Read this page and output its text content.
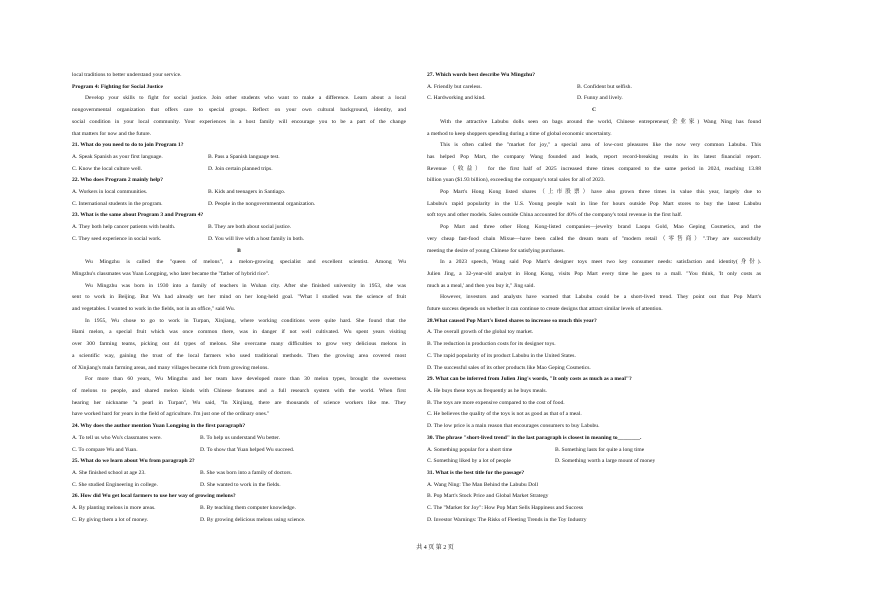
local traditions to better understand your service.
Program 4: Fighting for Social Justice
Develop your skills to fight for social justice. Join other students who want to make a difference. Learn about a local
nongovernmental organization that offers care to special groups. Reflect on your own cultural background, identity, and
social condition in your local community. Your experiences in a host family will encourage you to be a part of the change
that matters for now and the future.
21. What do you need to do to join Program 1?
A. Speak Spanish as your first language.	B. Pass a Spanish language test.
C. Know the local culture well.	D. Join certain planned trips.
22. Who does Program 2 mainly help?
A. Workers in local communities.	B. Kids and teenagers in Santiago.
C. International students in the program.	D. People in the nongovernmental organization.
23. What is the same about Program 3 and Program 4?
A. They both help cancer patients with health.	B. They are both about social justice.
C. They seed experience in social work.	D. You will live with a host family in both.
B
Wu Mingzhu is called the "queen of melons", a melon-growing specialist and excellent scientist. Among Wu
Mingzhu's classmates was Yuan Longping, who later became the "father of hybrid rice".
Wu Mingzhu was born in 1930 into a family of teachers in Wuhan city. After she finished university in 1953, she was
sent to work in Beijing. But Wu had already set her mind on her long-held goal. "What I studied was the science of fruit
and vegetables. I wanted to work in the fields, not in an office," said Wu.
In 1955, Wu chose to go to work in Turpan, Xinjiang, where working conditions were quite hard. She found that the
Hami melon, a special fruit which was once common there, was in danger if not well cultivated. Wu spent years visiting
over 300 farming teams, picking out 44 types of melons. She overcame many difficulties to grow very delicious melons in
a scientific way, gaining the trust of the local farmers who used traditional methods. Then the growing area covered most
of Xinjiang's main farming areas, and many villages became rich from growing melons.
For more than 60 years, Wu Mingzhu and her team have developed more than 30 melon types, brought the sweetness
of melons to people, and shared melon kinds with Chinese features and a full research system with the world. When first
hearing her nickname "a pearl in Turpan", Wu said, "In Xinjiang, there are thousands of science workers like me. They
have worked hard for years in the field of agriculture. I'm just one of the ordinary ones."
24. Why does the author mention Yuan Longping in the first paragraph?
A. To tell us who Wu's classmates were.	B. To help us understand Wu better.
C. To compare Wu and Yuan.	D. To show that Yuan helped Wu succeed.
25. What do we learn about Wu from paragraph 2?
A. She finished school at age 23.	B. She was born into a family of doctors.
C. She studied Engineering in college.	D. She wanted to work in the fields.
26. How did Wu get local farmers to use her way of growing melons?
A. By planting melons in more areas.	B. By teaching them computer knowledge.
C. By giving them a lot of money.	D. By growing delicious melons using science.
27. Which words best describe Wu Mingzhu?
A. Friendly but careless.	B. Confident but selfish.
C. Hardworking and kind.	D. Funny and lively.
C
With the attractive Labubu dolls seen on bags around the world, Chinese entrepreneur(企业家) Wang Ning has found
a method to keep shoppers spending during a time of global economic uncertainty.
This is often called the "market for joy," a special area of low-cost pleasures like the now very common Labubu. This
has helped Pop Mart, the company Wang founded and leads, report record-breaking results in its latest financial report.
Revenue（收益） for the first half of 2025 increased three times compared to the same period in 2024, reaching 13.88
billion yuan ($1.93 billion), exceeding the company's total sales for all of 2023.
Pop Mart's Hong Kong listed shares（上市股票）have also grown three times in value this year, largely due to
Labubu's rapid popularity in the U.S. Young people wait in line for hours outside Pop Mart stores to buy the latest Labubu
soft toys and other models. Sales outside China accounted for 40% of the company's total revenue in the first half.
Pop Mart and three other Hong Kong-listed companies—jewelry brand Laopu Gold, Mao Geping Cosmetics, and the
very cheap fast-food chain Mixue—have been called the dream team of "modern retail（零售商）".They are successfully
meeting the desire of young Chinese for satisfying purchases.
In a 2023 speech, Wang said Pop Mart's designer toys meet two key consumer needs: satisfaction and identity(身份).
Julien Jing, a 32-year-old analyst in Hong Kong, visits Pop Mart every time he goes to a mall. "You think, 'It only costs as
much as a meal,' and then you buy it," Jing said.
However, investors and analysts have warned that Labubu could be a short-lived trend. They point out that Pop Mart's
future success depends on whether it can continue to create designs that attract similar levels of attention.
28.What caused Pop Mart's listed shares to increase so much this year?
A. The overall growth of the global toy market.
B. The reduction in production costs for its designer toys.
C. The rapid popularity of its product Labubu in the United States.
D. The successful sales of its other products like Mao Geping Cosmetics.
29. What can be inferred from Julien Jing's words, "It only costs as much as a meal"?
A. He buys these toys as frequently as he buys meals.
B. The toys are more expensive compared to the cost of food.
C. He believes the quality of the toys is not as good as that of a meal.
D. The low price is a main reason that encourages consumers to buy Labubu.
30. The phrase "short-lived trend" in the last paragraph is closest in meaning to________.
A. Something popular for a short time	B. Something lasts for quite a long time
C. Something liked by a lot of people	D. Something worth a large mount of money
31. What is the best title for the passage?
A. Wang Ning: The Man Behind the Labubu Doll
B. Pop Mart's Stock Price and Global Market Strategy
C. The "Market for Joy": How Pop Mart Sells Happiness and Success
D. Investor Warnings: The Risks of Fleeting Trends in the Toy Industry
共 4 页 第 2 页
